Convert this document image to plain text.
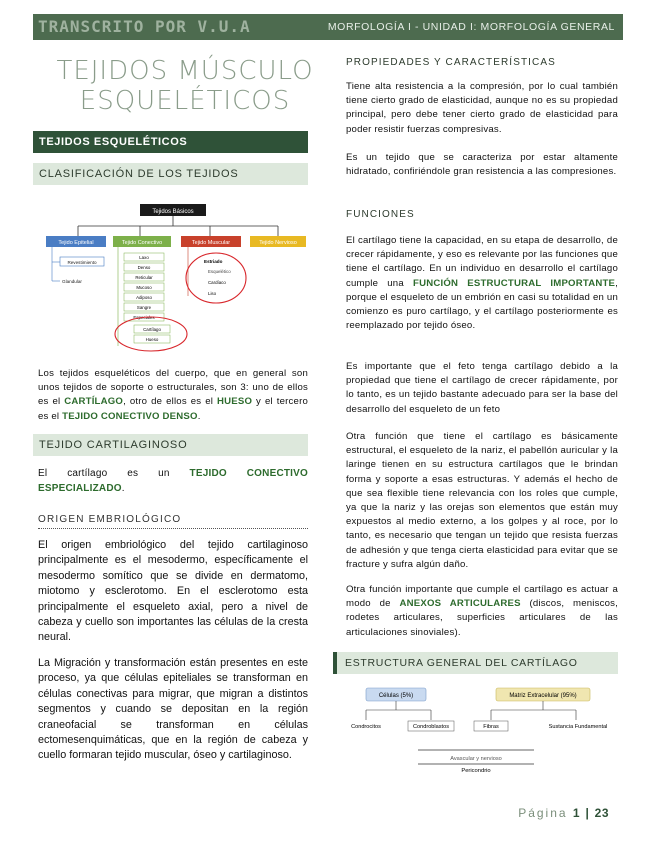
TRANSCRITO POR V.U.A	MORFOLOGÍA I - UNIDAD I: MORFOLOGÍA GENERAL
TEJIDOS MÚSCULO
ESQUELÉTICOS
TEJIDOS ESQUELÉTICOS
CLASIFICACIÓN DE LOS TEJIDOS
Tejidos Básicos
Tejido Epitelial	Tejido Conectivo	Tejido Muscular	Tejido Nervioso
Revestimiento
Glandular
Laxo
Denso
Reticular
Mucoso
Adiposo
Sangre
Especiales
Cartílago
Hueso
Estriado
Esquelético
Cardíaco
Liso
Los tejidos esqueléticos del cuerpo, que en general son unos tejidos de soporte o estructurales, son 3: uno de ellos es el CARTÍLAGO, otro de ellos es el HUESO y el tercero es el TEJIDO CONECTIVO DENSO.
TEJIDO CARTILAGINOSO
El cartílago es un TEJIDO CONECTIVO ESPECIALIZADO.
ORIGEN EMBRIOLÓGICO
El origen embriológico del tejido cartilaginoso principalmente es el mesodermo, específicamente el mesodermo somítico que se divide en dermatomo, miotomo y esclerotomo. En el esclerotomo esta principalmente el esqueleto axial, pero a nivel de cabeza y cuello son importantes las células de la cresta neural.
La Migración y transformación están presentes en este proceso, ya que células epiteliales se transforman en células conectivas para migrar, que migran a distintos segmentos y cuando se depositan en la región craneofacial se transforman en células ectomesenquimáticas, que en la región de cabeza y cuello formaran tejido muscular, óseo y cartilaginoso.
PROPIEDADES Y CARACTERÍSTICAS
Tiene alta resistencia a la compresión, por lo cual también tiene cierto grado de elasticidad, aunque no es su propiedad principal, pero debe tener cierto grado de elasticidad para poder resistir fuerzas compresivas.
Es un tejido que se caracteriza por estar altamente hidratado, confiriéndole gran resistencia a las compresiones.
FUNCIONES
El cartílago tiene la capacidad, en su etapa de desarrollo, de crecer rápidamente, y eso es relevante por las funciones que tiene el cartílago. En un individuo en desarrollo el cartílago cumple una FUNCIÓN ESTRUCTURAL IMPORTANTE, porque el esqueleto de un embrión en casi su totalidad en un comienzo es puro cartílago, y el cartílago posteriormente es reemplazado por tejido óseo.
Es importante que el feto tenga cartílago debido a la propiedad que tiene el cartílago de crecer rápidamente, por lo tanto, es un tejido bastante adecuado para ser la base del desarrollo del esqueleto de un feto
Otra función que tiene el cartílago es básicamente estructural, el esqueleto de la nariz, el pabellón auricular y la laringe tienen en su estructura cartílagos que le brindan forma y soporte a esas estructuras. Y además el hecho de que sea flexible tiene relevancia con los roles que cumple, ya que la nariz y las orejas son elementos que están muy expuestos al medio externo, a los golpes y al roce, por lo tanto, es necesario que tengan un tejido que resista fuerzas de adhesión y que tenga cierta elasticidad para evitar que se fracture y sufra algún daño.
Otra función importante que cumple el cartílago es actuar a modo de ANEXOS ARTICULARES (discos, meniscos, rodetes articulares, superficies articulares de las articulaciones sinoviales).
ESTRUCTURA GENERAL DEL CARTÍLAGO
Células (5%)	Matriz Extracelular (95%)
Condrocitos	Condroblastos	Fibras	Sustancia Fundamental
Avascular y nervioso
Pericondrio
Página 1 | 23
